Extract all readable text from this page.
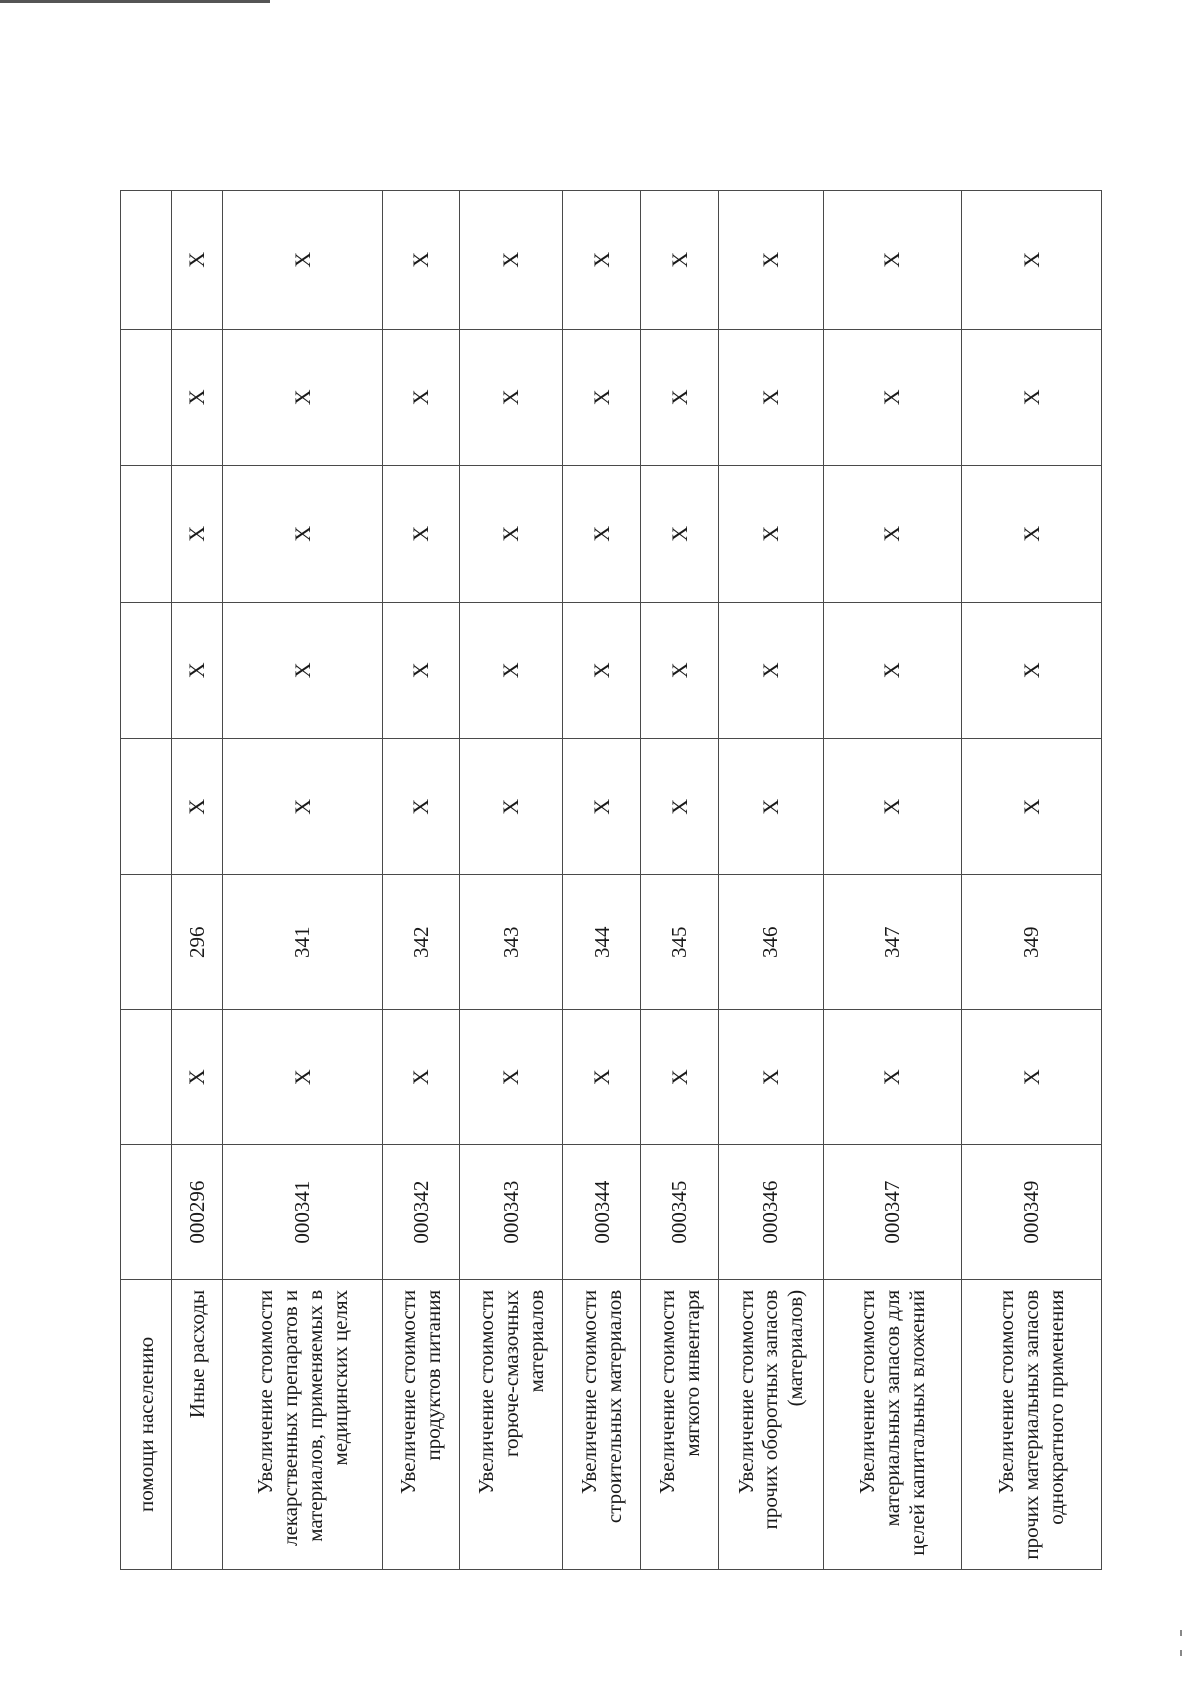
помощи населению								
Иные расходы	000296	X	296	X	X	X	X	X
Увеличение стоимости лекарственных препаратов и материалов, применяемых в медицинских целях	000341	X	341	X	X	X	X	X
Увеличение стоимости продуктов питания	000342	X	342	X	X	X	X	X
Увеличение стоимости горюче-смазочных материалов	000343	X	343	X	X	X	X	X
Увеличение стоимости строительных материалов	000344	X	344	X	X	X	X	X
Увеличение стоимости мягкого инвентаря	000345	X	345	X	X	X	X	X
Увеличение стоимости прочих оборотных запасов (материалов)	000346	X	346	X	X	X	X	X
Увеличение стоимости материальных запасов для целей капитальных вложений	000347	X	347	X	X	X	X	X
Увеличение стоимости прочих материальных запасов однократного применения	000349	X	349	X	X	X	X	X
